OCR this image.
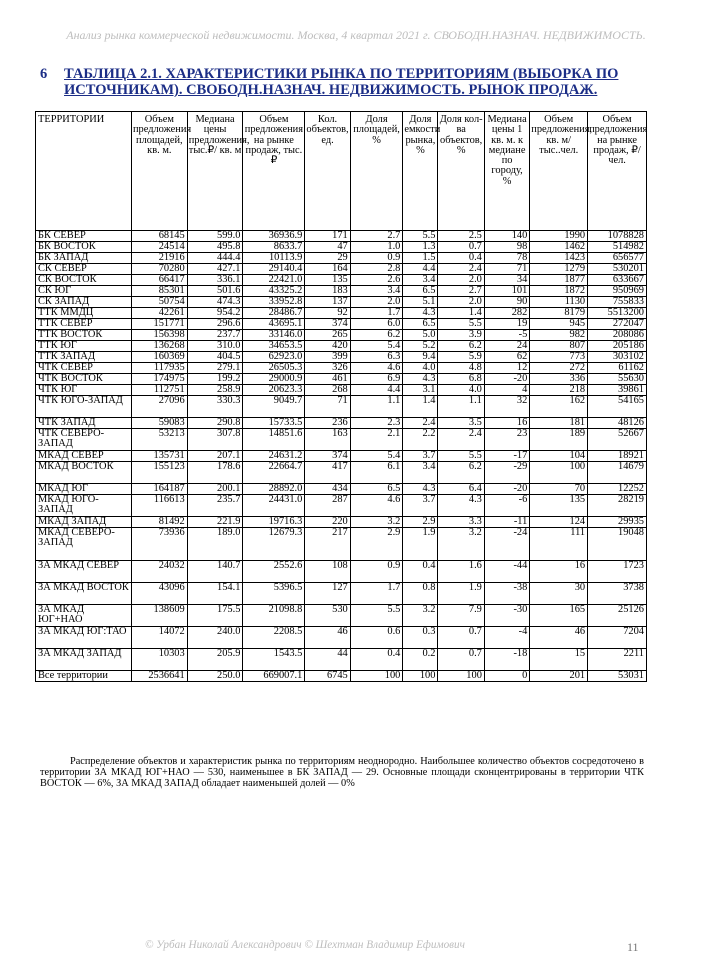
Анализ рынка коммерческой недвижимости. Москва, 4 квартал 2021 г. СВОБОДН.НАЗНАЧ. НЕДВИЖИМОСТЬ.
6 ТАБЛИЦА 2.1. ХАРАКТЕРИСТИКИ РЫНКА ПО ТЕРРИТОРИЯМ (ВЫБОРКА ПО ИСТОЧНИКАМ). СВОБОДН.НАЗНАЧ. НЕДВИЖИМОСТЬ. РЫНОК ПРОДАЖ.
ТЕРРИТОРИИ	Объем предложения площадей, кв. м.	Медиана цены предложения, тыс.₽/ кв. м	Объем предложения на рынке продаж, тыс.₽	Кол. объектов, ед.	Доля площадей, %	Доля емкости рынка, %	Доля кол-ва объектов, %	Медиана цены 1 кв. м. к медиане по городу, %	Объем предложения, кв. м/ тыс..чел.	Объем предложения на рынке продаж, ₽/чел.
БК СЕВЕР	68145	599.0	36936.9	171	2.7	5.5	2.5	140	1990	1078828
БК ВОСТОК	24514	495.8	8633.7	47	1.0	1.3	0.7	98	1462	514982
БК ЗАПАД	21916	444.4	10113.9	29	0.9	1.5	0.4	78	1423	656577
СК СЕВЕР	70280	427.1	29140.4	164	2.8	4.4	2.4	71	1279	530201
СК ВОСТОК	66417	336.1	22421.0	135	2.6	3.4	2.0	34	1877	633667
СК ЮГ	85301	501.6	43325.2	183	3.4	6.5	2.7	101	1872	950969
СК ЗАПАД	50754	474.3	33952.8	137	2.0	5.1	2.0	90	1130	755833
ТТК ММДЦ	42261	954.2	28486.7	92	1.7	4.3	1.4	282	8179	5513200
ТТК СЕВЕР	151771	296.6	43695.1	374	6.0	6.5	5.5	19	945	272047
ТТК ВОСТОК	156398	237.7	33146.0	265	6.2	5.0	3.9	-5	982	208086
ТТК ЮГ	136268	310.0	34653.5	420	5.4	5.2	6.2	24	807	205186
ТТК ЗАПАД	160369	404.5	62923.0	399	6.3	9.4	5.9	62	773	303102
ЧТК СЕВЕР	117935	279.1	26505.3	326	4.6	4.0	4.8	12	272	61162
ЧТК ВОСТОК	174975	199.2	29000.9	461	6.9	4.3	6.8	-20	336	55630
ЧТК ЮГ	112751	258.9	20623.3	268	4.4	3.1	4.0	4	218	39861
ЧТК ЮГО-ЗАПАД	27096	330.3	9049.7	71	1.1	1.4	1.1	32	162	54165
ЧТК ЗАПАД	59083	290.8	15733.5	236	2.3	2.4	3.5	16	181	48126
ЧТК СЕВЕРО-ЗАПАД	53213	307.8	14851.6	163	2.1	2.2	2.4	23	189	52667
МКАД СЕВЕР	135731	207.1	24631.2	374	5.4	3.7	5.5	-17	104	18921
МКАД ВОСТОК	155123	178.6	22664.7	417	6.1	3.4	6.2	-29	100	14679
МКАД ЮГ	164187	200.1	28892.0	434	6.5	4.3	6.4	-20	70	12252
МКАД ЮГО-ЗАПАД	116613	235.7	24431.0	287	4.6	3.7	4.3	-6	135	28219
МКАД ЗАПАД	81492	221.9	19716.3	220	3.2	2.9	3.3	-11	124	29935
МКАД СЕВЕРО-ЗАПАД	73936	189.0	12679.3	217	2.9	1.9	3.2	-24	111	19048
ЗА МКАД СЕВЕР	24032	140.7	2552.6	108	0.9	0.4	1.6	-44	16	1723
ЗА МКАД ВОСТОК	43096	154.1	5396.5	127	1.7	0.8	1.9	-38	30	3738
ЗА МКАД ЮГ+НАО	138609	175.5	21098.8	530	5.5	3.2	7.9	-30	165	25126
ЗА МКАД ЮГ:ТАО	14072	240.0	2208.5	46	0.6	0.3	0.7	-4	46	7204
ЗА МКАД ЗАПАД	10303	205.9	1543.5	44	0.4	0.2	0.7	-18	15	2211
Все территории	2536641	250.0	669007.1	6745	100	100	100	0	201	53031
Распределение объектов и характеристик рынка по территориям неоднородно. Наибольшее количество объектов сосредоточено в территории ЗА МКАД ЮГ+НАО — 530, наименьшее в БК ЗАПАД — 29. Основные площади сконцентрированы в территории ЧТК ВОСТОК — 6%, ЗА МКАД ЗАПАД обладает наименьшей долей — 0%
© Урбан Николай Александрович © Шехтман Владимир Ефимович	11
